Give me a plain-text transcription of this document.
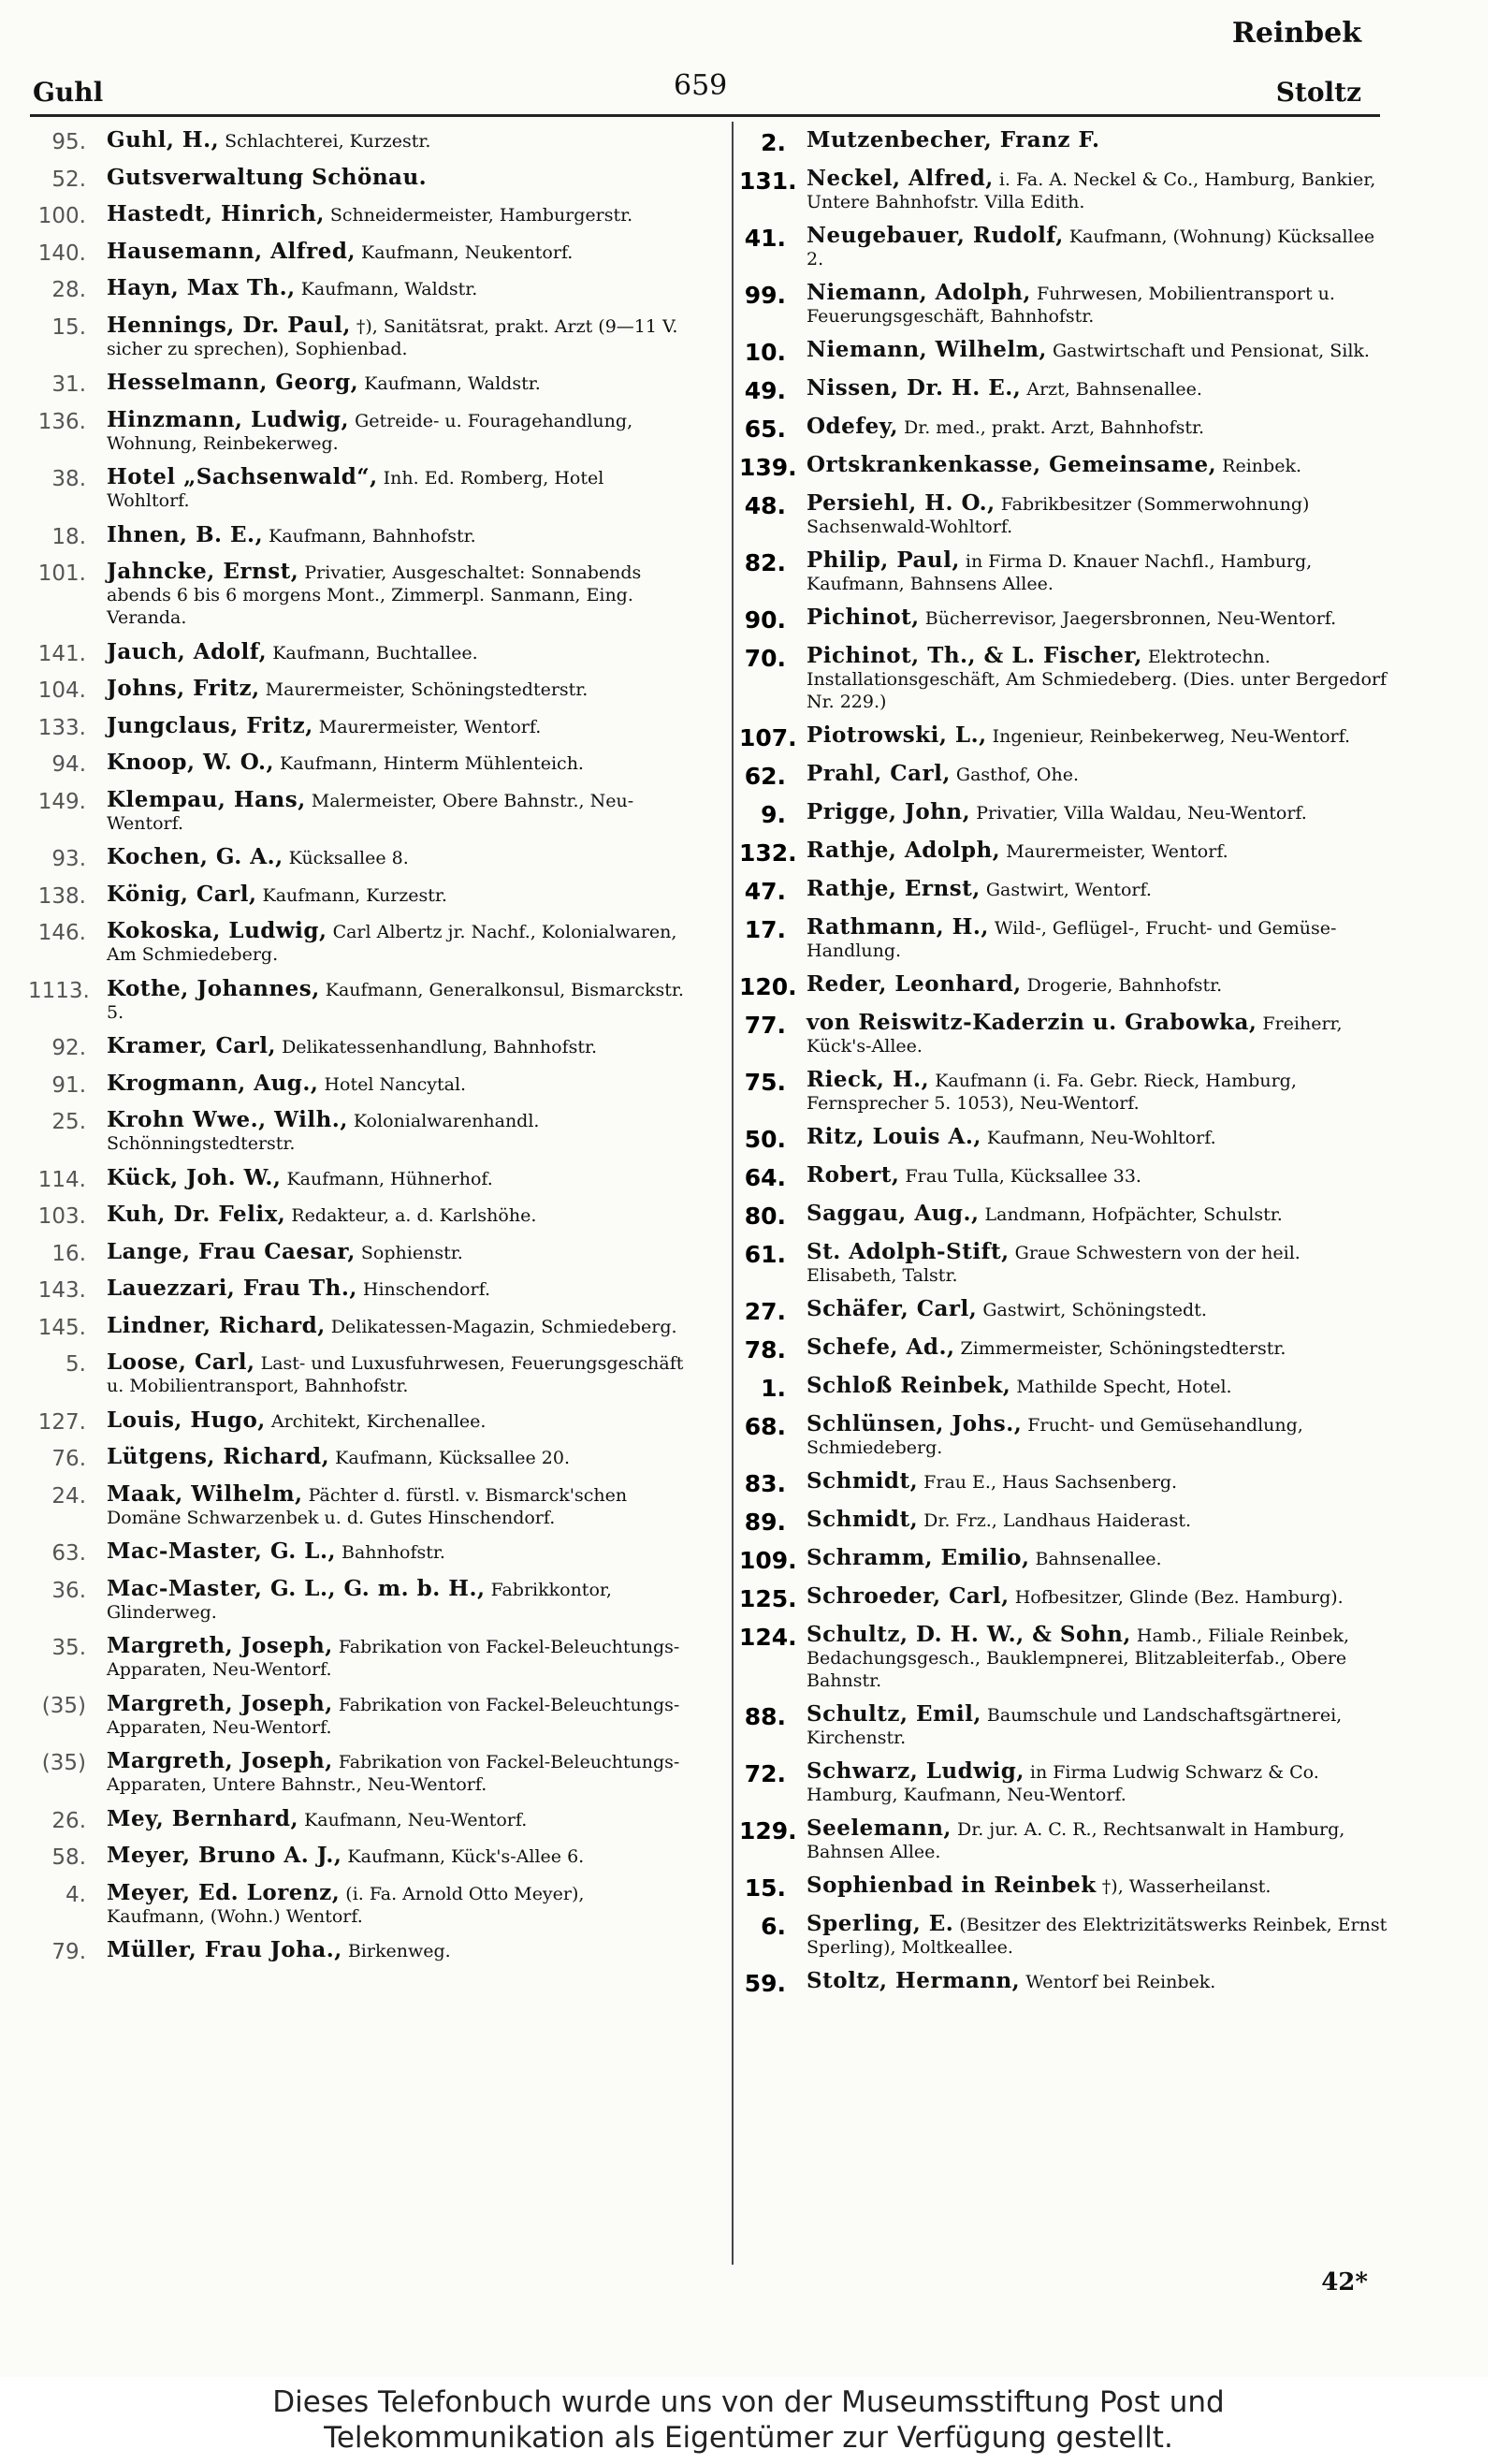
Reinbek
Guhl	659	Stoltz
95. Guhl, H., Schlachterei, Kurzestr.
52. Gutsverwaltung Schönau.
100. Hastedt, Hinrich, Schneidermeister, Hamburgerstr.
140. Hausemann, Alfred, Kaufmann, Neukentorf.
28. Hayn, Max Th., Kaufmann, Waldstr.
15. Hennings, Dr. Paul, †), Sanitätsrat, prakt. Arzt (9—11 V. sicher zu sprechen), Sophienbad.
31. Hesselmann, Georg, Kaufmann, Waldstr.
136. Hinzmann, Ludwig, Getreide- u. Fouragehandlung, Wohnung, Reinbekerweg.
38. Hotel „Sachsenwald“, Inh. Ed. Romberg, Hotel Wohltorf.
18. Ihnen, B. E., Kaufmann, Bahnhofstr.
101. Jahncke, Ernst, Privatier, Ausgeschaltet: Sonnabends abends 6 bis 6 morgens Mont., Zimmerpl. Sanmann, Eing. Veranda.
141. Jauch, Adolf, Kaufmann, Buchtallee.
104. Johns, Fritz, Maurermeister, Schöningstedterstr.
133. Jungclaus, Fritz, Maurermeister, Wentorf.
94. Knoop, W. O., Kaufmann, Hinterm Mühlenteich.
149. Klempau, Hans, Malermeister, Obere Bahnstr., Neu-Wentorf.
93. Kochen, G. A., Kücksallee 8.
138. König, Carl, Kaufmann, Kurzestr.
146. Kokoska, Ludwig, Carl Albertz jr. Nachf., Kolonialwaren, Am Schmiedeberg.
1113. Kothe, Johannes, Kaufmann, Generalkonsul, Bismarckstr. 5.
92. Kramer, Carl, Delikatessenhandlung, Bahnhofstr.
91. Krogmann, Aug., Hotel Nancytal.
25. Krohn Wwe., Wilh., Kolonialwarenhandl. Schönningstedterstr.
114. Kück, Joh. W., Kaufmann, Hühnerhof.
103. Kuh, Dr. Felix, Redakteur, a. d. Karlshöhe.
16. Lange, Frau Caesar, Sophienstr.
143. Lauezzari, Frau Th., Hinschendorf.
145. Lindner, Richard, Delikatessen-Magazin, Schmiedeberg.
5. Loose, Carl, Last- und Luxusfuhrwesen, Feuerungsgeschäft u. Mobilientransport, Bahnhofstr.
127. Louis, Hugo, Architekt, Kirchenallee.
76. Lütgens, Richard, Kaufmann, Kücksallee 20.
24. Maak, Wilhelm, Pächter d. fürstl. v. Bismarck'schen Domäne Schwarzenbek u. d. Gutes Hinschendorf.
63. Mac-Master, G. L., Bahnhofstr.
36. Mac-Master, G. L., G. m. b. H., Fabrikkontor, Glinderweg.
35. Margreth, Joseph, Fabrikation von Fackel-Beleuchtungs-Apparaten, Neu-Wentorf.
(35) Margreth, Joseph, Fabrikation von Fackel-Beleuchtungs-Apparaten, Neu-Wentorf.
(35) Margreth, Joseph, Fabrikation von Fackel-Beleuchtungs-Apparaten, Untere Bahnstr., Neu-Wentorf.
26. Mey, Bernhard, Kaufmann, Neu-Wentorf.
58. Meyer, Bruno A. J., Kaufmann, Kück's-Allee 6.
4. Meyer, Ed. Lorenz, (i. Fa. Arnold Otto Meyer), Kaufmann, (Wohn.) Wentorf.
79. Müller, Frau Joha., Birkenweg.
2. Mutzenbecher, Franz F.
131. Neckel, Alfred, i. Fa. A. Neckel & Co., Hamburg, Bankier, Untere Bahnhofstr. Villa Edith.
41. Neugebauer, Rudolf, Kaufmann, (Wohnung) Kücksallee 2.
99. Niemann, Adolph, Fuhrwesen, Mobilientransport u. Feuerungsgeschäft, Bahnhofstr.
10. Niemann, Wilhelm, Gastwirtschaft und Pensionat, Silk.
49. Nissen, Dr. H. E., Arzt, Bahnsenallee.
65. Odefey, Dr. med., prakt. Arzt, Bahnhofstr.
139. Ortskrankenkasse, Gemeinsame, Reinbek.
48. Persiehl, H. O., Fabrikbesitzer (Sommerwohnung) Sachsenwald-Wohltorf.
82. Philip, Paul, in Firma D. Knauer Nachfl., Hamburg, Kaufmann, Bahnsens Allee.
90. Pichinot, Bücherrevisor, Jaegersbronnen, Neu-Wentorf.
70. Pichinot, Th., & L. Fischer, Elektrotechn. Installationsgeschäft, Am Schmiedeberg. (Dies. unter Bergedorf Nr. 229.)
107. Piotrowski, L., Ingenieur, Reinbekerweg, Neu-Wentorf.
62. Prahl, Carl, Gasthof, Ohe.
9. Prigge, John, Privatier, Villa Waldau, Neu-Wentorf.
132. Rathje, Adolph, Maurermeister, Wentorf.
47. Rathje, Ernst, Gastwirt, Wentorf.
17. Rathmann, H., Wild-, Geflügel-, Frucht- und Gemüse-Handlung.
120. Reder, Leonhard, Drogerie, Bahnhofstr.
77. von Reiswitz-Kaderzin u. Grabowka, Freiherr, Kück's-Allee.
75. Rieck, H., Kaufmann (i. Fa. Gebr. Rieck, Hamburg, Fernsprecher 5. 1053), Neu-Wentorf.
50. Ritz, Louis A., Kaufmann, Neu-Wohltorf.
64. Robert, Frau Tulla, Kücksallee 33.
80. Saggau, Aug., Landmann, Hofpächter, Schulstr.
61. St. Adolph-Stift, Graue Schwestern von der heil. Elisabeth, Talstr.
27. Schäfer, Carl, Gastwirt, Schöningstedt.
78. Schefe, Ad., Zimmermeister, Schöningstedterstr.
1. Schloß Reinbek, Mathilde Specht, Hotel.
68. Schlünsen, Johs., Frucht- und Gemüsehandlung, Schmiedeberg.
83. Schmidt, Frau E., Haus Sachsenberg.
89. Schmidt, Dr. Frz., Landhaus Haiderast.
109. Schramm, Emilio, Bahnsenallee.
125. Schroeder, Carl, Hofbesitzer, Glinde (Bez. Hamburg).
124. Schultz, D. H. W., & Sohn, Hamb., Filiale Reinbek, Bedachungsgesch., Bauklempnerei, Blitzableiterfab., Obere Bahnstr.
88. Schultz, Emil, Baumschule und Landschaftsgärtnerei, Kirchenstr.
72. Schwarz, Ludwig, in Firma Ludwig Schwarz & Co. Hamburg, Kaufmann, Neu-Wentorf.
129. Seelemann, Dr. jur. A. C. R., Rechtsanwalt in Hamburg, Bahnsen Allee.
15. Sophienbad in Reinbek †), Wasserheilanst.
6. Sperling, E. (Besitzer des Elektrizitätswerks Reinbek, Ernst Sperling), Moltkeallee.
59. Stoltz, Hermann, Wentorf bei Reinbek.
42*
Dieses Telefonbuch wurde uns von der Museumsstiftung Post und
Telekommunikation als Eigentümer zur Verfügung gestellt.
